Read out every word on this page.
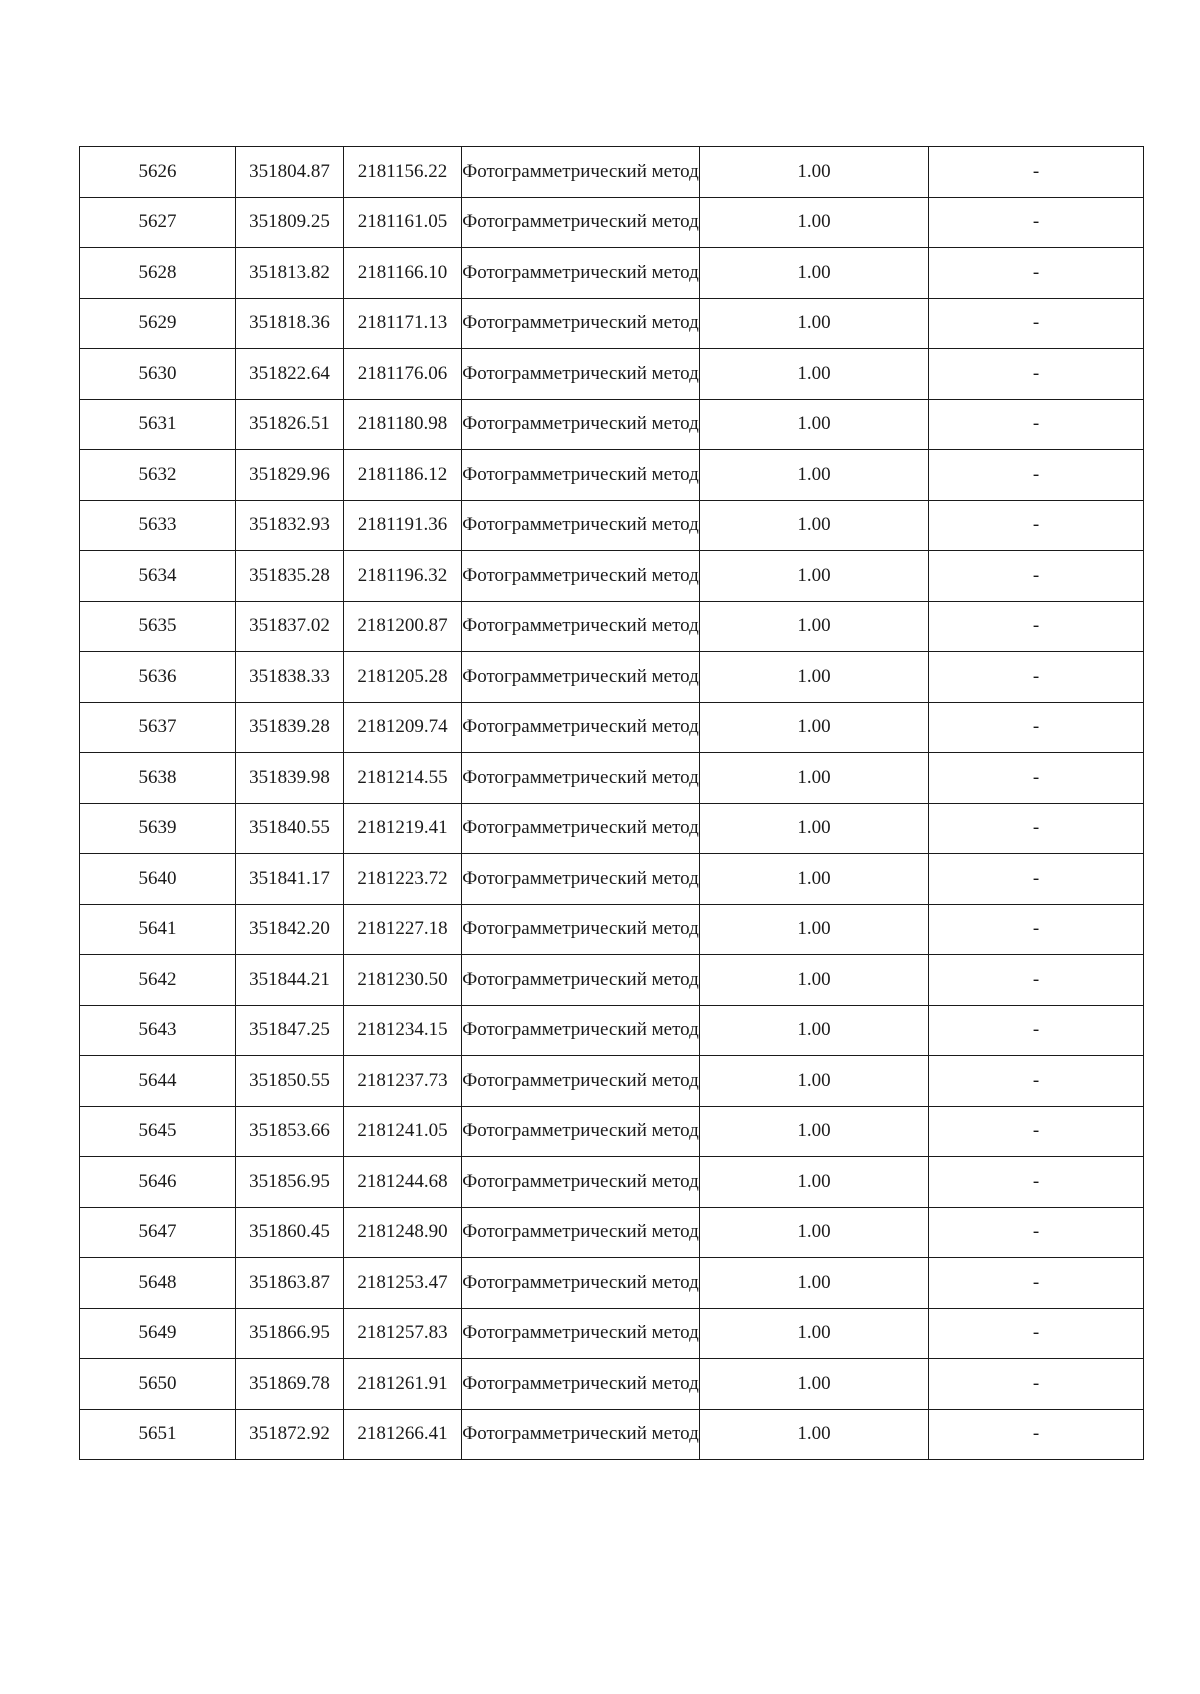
5626	351804.87	2181156.22	Фотограмметрический метод	1.00	-
5627	351809.25	2181161.05	Фотограмметрический метод	1.00	-
5628	351813.82	2181166.10	Фотограмметрический метод	1.00	-
5629	351818.36	2181171.13	Фотограмметрический метод	1.00	-
5630	351822.64	2181176.06	Фотограмметрический метод	1.00	-
5631	351826.51	2181180.98	Фотограмметрический метод	1.00	-
5632	351829.96	2181186.12	Фотограмметрический метод	1.00	-
5633	351832.93	2181191.36	Фотограмметрический метод	1.00	-
5634	351835.28	2181196.32	Фотограмметрический метод	1.00	-
5635	351837.02	2181200.87	Фотограмметрический метод	1.00	-
5636	351838.33	2181205.28	Фотограмметрический метод	1.00	-
5637	351839.28	2181209.74	Фотограмметрический метод	1.00	-
5638	351839.98	2181214.55	Фотограмметрический метод	1.00	-
5639	351840.55	2181219.41	Фотограмметрический метод	1.00	-
5640	351841.17	2181223.72	Фотограмметрический метод	1.00	-
5641	351842.20	2181227.18	Фотограмметрический метод	1.00	-
5642	351844.21	2181230.50	Фотограмметрический метод	1.00	-
5643	351847.25	2181234.15	Фотограмметрический метод	1.00	-
5644	351850.55	2181237.73	Фотограмметрический метод	1.00	-
5645	351853.66	2181241.05	Фотограмметрический метод	1.00	-
5646	351856.95	2181244.68	Фотограмметрический метод	1.00	-
5647	351860.45	2181248.90	Фотограмметрический метод	1.00	-
5648	351863.87	2181253.47	Фотограмметрический метод	1.00	-
5649	351866.95	2181257.83	Фотограмметрический метод	1.00	-
5650	351869.78	2181261.91	Фотограмметрический метод	1.00	-
5651	351872.92	2181266.41	Фотограмметрический метод	1.00	-
